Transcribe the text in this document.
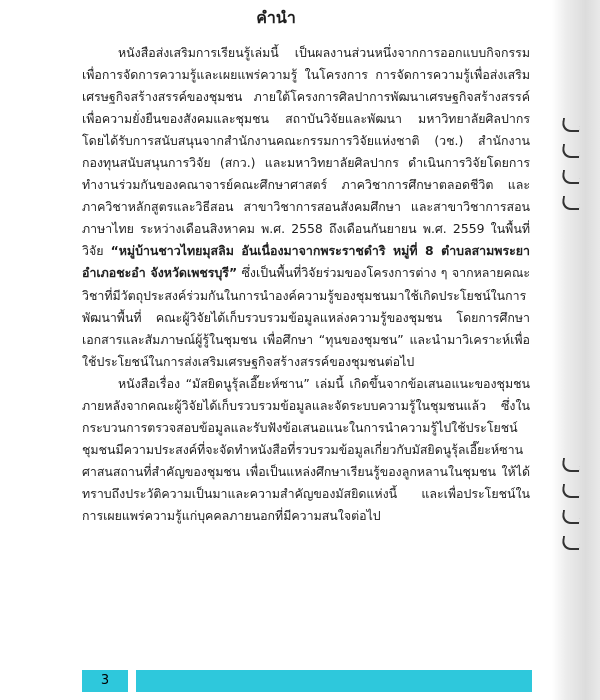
คำนำ

หนังสือส่งเสริมการเรียนรู้เล่มนี้ เป็นผลงานส่วนหนึ่งจากการออกแบบกิจกรรมเพื่อการจัดการความรู้และเผยแพร่ความรู้ ในโครงการ การจัดการความรู้เพื่อส่งเสริมเศรษฐกิจสร้างสรรค์ของชุมชน ภายใต้โครงการศิลปาการพัฒนาเศรษฐกิจสร้างสรรค์เพื่อความยั่งยืนของสังคมและชุมชน สถาบันวิจัยและพัฒนา มหาวิทยาลัยศิลปากร โดยได้รับการสนับสนุนจากสำนักงานคณะกรรมการวิจัยแห่งชาติ (วช.) สำนักงานกองทุนสนับสนุนการวิจัย (สกว.) และมหาวิทยาลัยศิลปากร ดำเนินการวิจัยโดยการทำงานร่วมกันของคณาจารย์คณะศึกษาศาสตร์ ภาควิชาการศึกษาตลอดชีวิต และภาควิชาหลักสูตรและวิธีสอน สาขาวิชาการสอนสังคมศึกษา และสาขาวิชาการสอนภาษาไทย ระหว่างเดือนสิงหาคม พ.ศ. 2558 ถึงเดือนกันยายน พ.ศ. 2559 ในพื้นที่วิจัย “หมู่บ้านชาวไทยมุสลิม อันเนื่องมาจากพระราชดำริ หมู่ที่ 8 ตำบลสามพระยา อำเภอชะอำ จังหวัดเพชรบุรี” ซึ่งเป็นพื้นที่วิจัยร่วมของโครงการต่าง ๆ จากหลายคณะวิชาที่มีวัตถุประสงค์ร่วมกันในการนำองค์ความรู้ของชุมชนมาใช้เกิดประโยชน์ในการพัฒนาพื้นที่ คณะผู้วิจัยได้เก็บรวบรวมข้อมูลแหล่งความรู้ของชุมชน โดยการศึกษาเอกสารและสัมภาษณ์ผู้รู้ในชุมชน เพื่อศึกษา “ทุนของชุมชน” และนำมาวิเคราะห์เพื่อใช้ประโยชน์ในการส่งเสริมเศรษฐกิจสร้างสรรค์ของชุมชนต่อไป

หนังสือเรื่อง “มัสยิดนูรุ้ลเอี๊ยะห์ซาน” เล่มนี้ เกิดขึ้นจากข้อเสนอแนะของชุมชน ภายหลังจากคณะผู้วิจัยได้เก็บรวบรวมข้อมูลและจัดระบบความรู้ในชุมชนแล้ว ซึ่งในกระบวนการตรวจสอบข้อมูลและรับฟังข้อเสนอแนะในการนำความรู้ไปใช้ประโยชน์ ชุมชนมีความประสงค์ที่จะจัดทำหนังสือที่รวบรวมข้อมูลเกี่ยวกับมัสยิดนูรุ้ลเอี๊ยะห์ซาน ศาสนสถานที่สำคัญของชุมชน เพื่อเป็นแหล่งศึกษาเรียนรู้ของลูกหลานในชุมชน ให้ได้ทราบถึงประวัติความเป็นมาและความสำคัญของมัสยิดแห่งนี้ และเพื่อประโยชน์ในการเผยแพร่ความรู้แก่บุคคลภายนอกที่มีความสนใจต่อไป

3
